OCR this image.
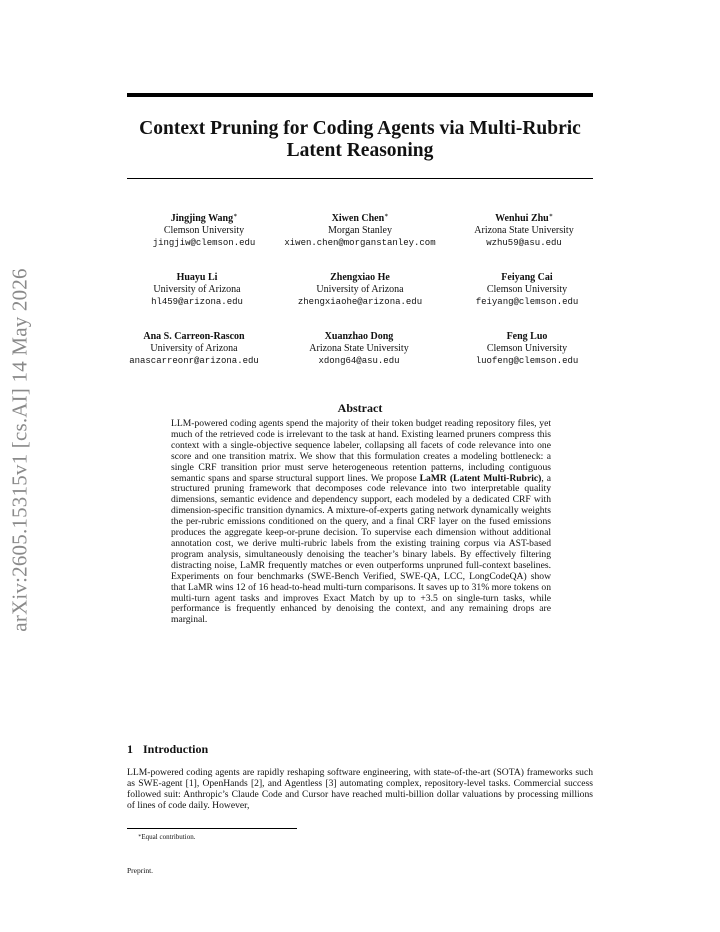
arXiv:2605.15315v1 [cs.AI] 14 May 2026
Context Pruning for Coding Agents via Multi-Rubric
Latent Reasoning
Jingjing Wang∗
Clemson University
jingjiw@clemson.edu
Xiwen Chen∗
Morgan Stanley
xiwen.chen@morganstanley.com
Wenhui Zhu∗
Arizona State University
wzhu59@asu.edu
Huayu Li
University of Arizona
hl459@arizona.edu
Zhengxiao He
University of Arizona
zhengxiaohe@arizona.edu
Feiyang Cai
Clemson University
feiyang@clemson.edu
Ana S. Carreon-Rascon
University of Arizona
anascarreonr@arizona.edu
Xuanzhao Dong
Arizona State University
xdong64@asu.edu
Feng Luo
Clemson University
luofeng@clemson.edu
Abstract
LLM-powered coding agents spend the majority of their token budget reading repository files, yet much of the retrieved code is irrelevant to the task at hand. Existing learned pruners compress this context with a single-objective sequence labeler, collapsing all facets of code relevance into one score and one transition matrix. We show that this formulation creates a modeling bottleneck: a single CRF transition prior must serve heterogeneous retention patterns, including contiguous semantic spans and sparse structural support lines. We propose LaMR (Latent Multi-Rubric), a structured pruning framework that decomposes code relevance into two interpretable quality dimensions, semantic evidence and dependency support, each modeled by a dedicated CRF with dimension-specific transition dynamics. A mixture-of-experts gating network dynamically weights the per-rubric emissions conditioned on the query, and a final CRF layer on the fused emissions produces the aggregate keep-or-prune decision. To supervise each dimension without additional annotation cost, we derive multi-rubric labels from the existing training corpus via AST-based program analysis, simultaneously denoising the teacher’s binary labels. By effectively filtering distracting noise, LaMR frequently matches or even outperforms unpruned full-context baselines. Experiments on four benchmarks (SWE-Bench Verified, SWE-QA, LCC, LongCodeQA) show that LaMR wins 12 of 16 head-to-head multi-turn comparisons. It saves up to 31% more tokens on multi-turn agent tasks and improves Exact Match by up to +3.5 on single-turn tasks, while performance is frequently enhanced by denoising the context, and any remaining drops are marginal.
1 Introduction
LLM-powered coding agents are rapidly reshaping software engineering, with state-of-the-art (SOTA) frameworks such as SWE-agent [1], OpenHands [2], and Agentless [3] automating complex, repository-level tasks. Commercial success followed suit: Anthropic’s Claude Code and Cursor have reached multi-billion dollar valuations by processing millions of lines of code daily. However,
∗Equal contribution.
Preprint.
